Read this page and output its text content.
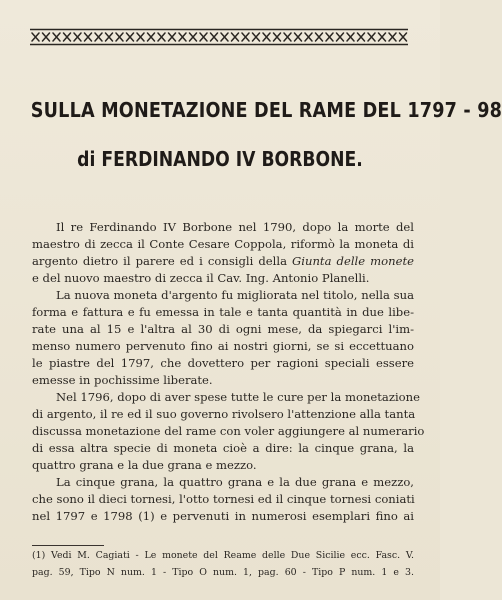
SULLA MONETAZIONE DEL RAME DEL 1797 - 98
di FERDINANDO IV BORBONE.
Il re Ferdinando IV Borbone nel 1790, dopo la morte del
maestro di zecca il Conte Cesare Coppola, riformò la moneta di
argento dietro il parere ed i consigli della Giunta delle monete
e del nuovo maestro di zecca il Cav. Ing. Antonio Planelli.
La nuova moneta d'argento fu migliorata nel titolo, nella sua
forma e fattura e fu emessa in tale e tanta quantità in due libe-
rate una al 15 e l'altra al 30 di ogni mese, da spiegarci l'im-
menso numero pervenuto fino ai nostri giorni, se si eccettuano
le piastre del 1797, che dovettero per ragioni speciali essere
emesse in pochissime liberate.
Nel 1796, dopo di aver spese tutte le cure per la monetazione
di argento, il re ed il suo governo rivolsero l'attenzione alla tanta
discussa monetazione del rame con voler aggiungere al numerario
di essa altra specie di moneta cioè a dire: la cinque grana, la
quattro grana e la due grana e mezzo.
La cinque grana, la quattro grana e la due grana e mezzo,
che sono il dieci tornesi, l'otto tornesi ed il cinque tornesi coniati
nel 1797 e 1798 (1) e pervenuti in numerosi esemplari fino ai
(1) Vedi M. Cagiati - Le monete del Reame delle Due Sicilie ecc. Fasc. V.
pag. 59, Tipo N num. 1 - Tipo O num. 1, pag. 60 - Tipo P num. 1 e 3.
